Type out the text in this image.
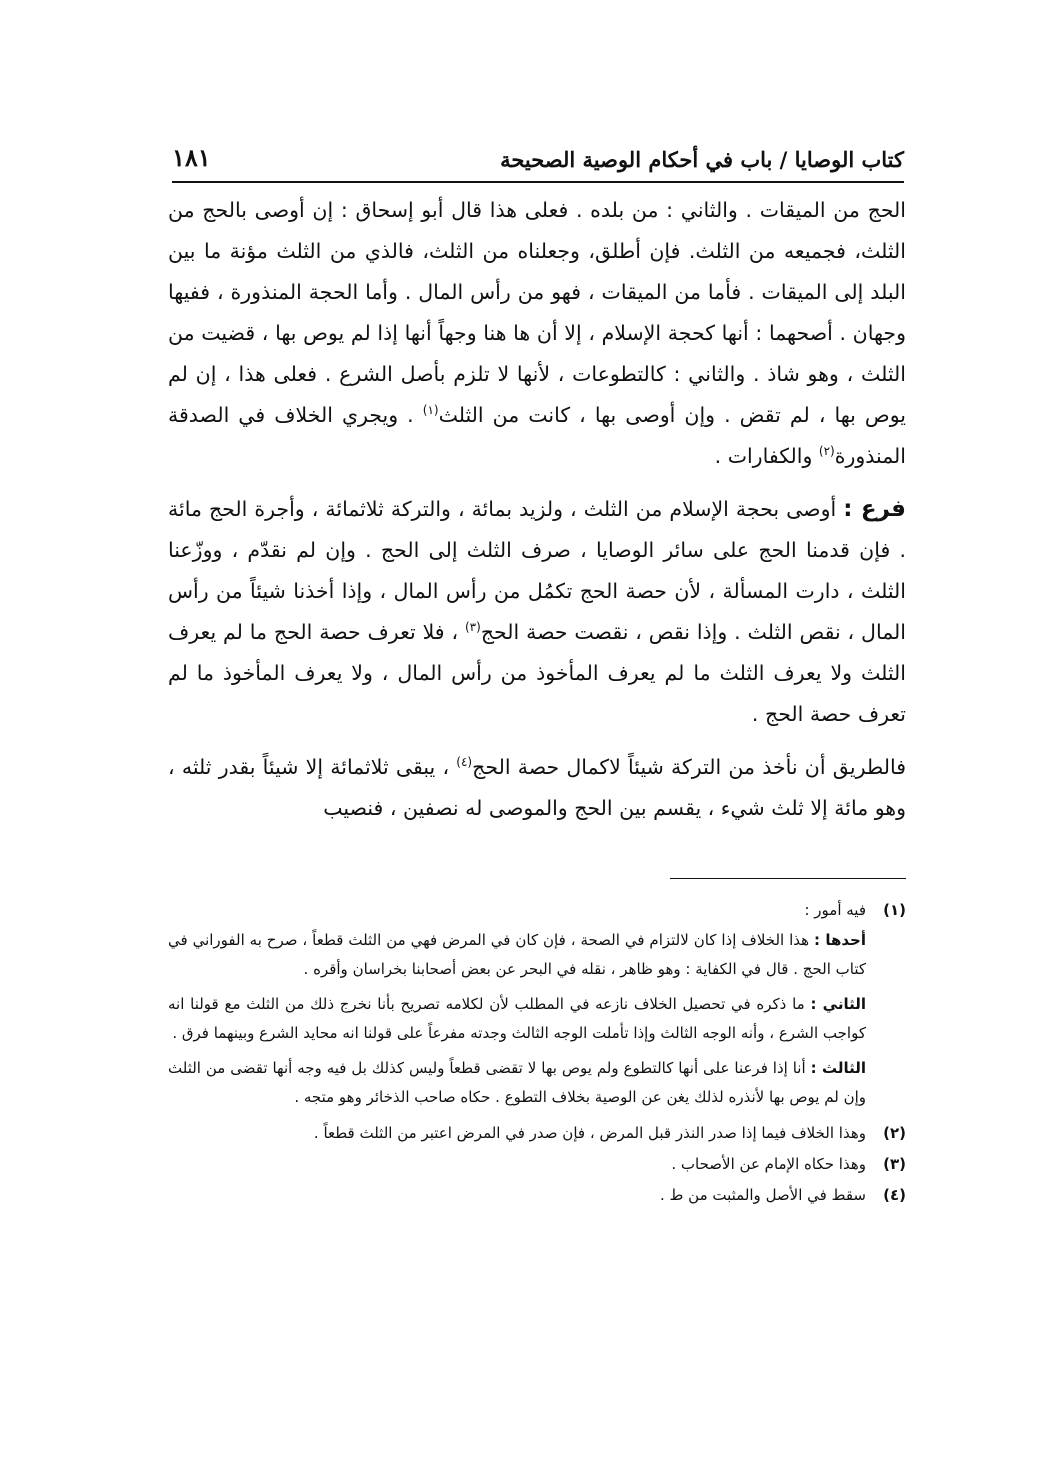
كتاب الوصايا / باب في أحكام الوصية الصحيحة
١٨١

الحج من الميقات . والثاني : من بلده . فعلى هذا قال أبو إسحاق : إن أوصى بالحج من الثلث، فجميعه من الثلث. فإن أطلق، وجعلناه من الثلث، فالذي من الثلث مؤنة ما بين البلد إلى الميقات . فأما من الميقات ، فهو من رأس المال . وأما الحجة المنذورة ، ففيها وجهان . أصحهما : أنها كحجة الإسلام ، إلا أن ها هنا وجهاً أنها إذا لم يوص بها ، قضيت من الثلث ، وهو شاذ . والثاني : كالتطوعات ، لأنها لا تلزم بأصل الشرع . فعلى هذا ، إن لم يوص بها ، لم تقض . وإن أوصى بها ، كانت من الثلث$^{(١)}$ . ويجري الخلاف في الصدقة المنذورة$^{(٢)}$ والكفارات .

فرع : أوصى بحجة الإسلام من الثلث ، ولزيد بمائة ، والتركة ثلاثمائة ، وأجرة الحج مائة . فإن قدمنا الحج على سائر الوصايا ، صرف الثلث إلى الحج . وإن لم نقدّم ، ووزّعنا الثلث ، دارت المسألة ، لأن حصة الحج تكمُل من رأس المال ، وإذا أخذنا شيئاً من رأس المال ، نقص الثلث . وإذا نقص ، نقصت حصة الحج$^{(٣)}$ ، فلا تعرف حصة الحج ما لم يعرف الثلث ولا يعرف الثلث ما لم يعرف المأخوذ من رأس المال ، ولا يعرف المأخوذ ما لم تعرف حصة الحج .

فالطريق أن نأخذ من التركة شيئاً لاكمال حصة الحج$^{(٤)}$ ، يبقى ثلاثمائة إلا شيئاً بقدر ثلثه ، وهو مائة إلا ثلث شيء ، يقسم بين الحج والموصى له نصفين ، فنصيب

(١)
فيه أمور :
أحدها : هذا الخلاف إذا كان لالتزام في الصحة ، فإن كان في المرض فهي من الثلث قطعاً ، صرح به الفوراني في كتاب الحج . قال في الكفاية : وهو ظاهر ، نقله في البحر عن بعض أصحابنا بخراسان وأقره .
الثاني : ما ذكره في تحصيل الخلاف نازعه في المطلب لأن لكلامه تصريح بأنا نخرج ذلك من الثلث مع قولنا انه كواجب الشرع ، وأنه الوجه الثالث وإذا تأملت الوجه الثالث وجدته مفرعاً على قولنا انه محايد الشرع وبينهما فرق .
الثالث : أنا إذا فرعنا على أنها كالتطوع ولم يوص بها لا تقضى قطعاً وليس كذلك بل فيه وجه أنها تقضى من الثلث وإن لم يوص بها لأنذره لذلك يغن عن الوصية بخلاف التطوع . حكاه صاحب الذخائر وهو متجه .
(٢)
وهذا الخلاف فيما إذا صدر النذر قبل المرض ، فإن صدر في المرض اعتبر من الثلث قطعاً .
(٣)
وهذا حكاه الإمام عن الأصحاب .
(٤)
سقط في الأصل والمثبت من ط .
